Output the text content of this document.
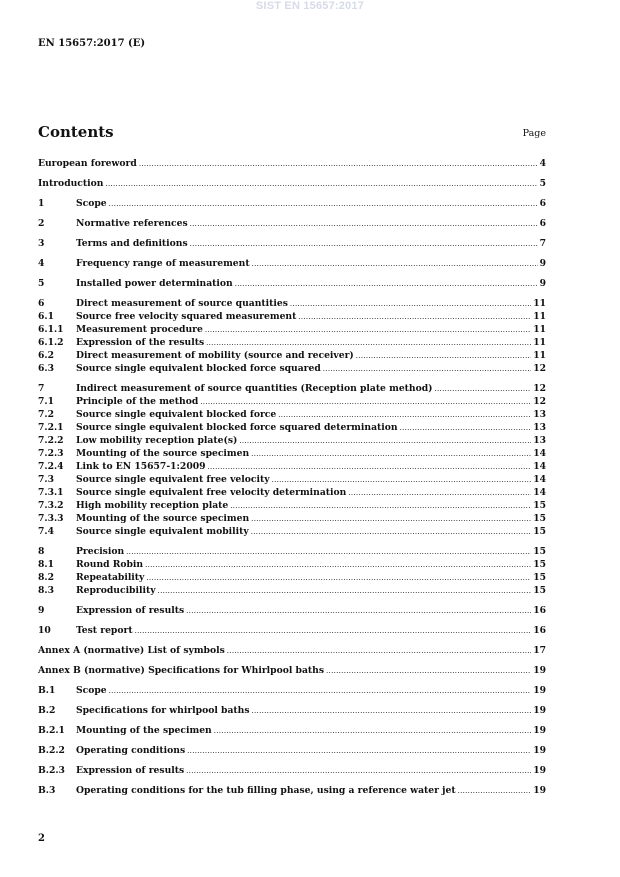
SIST EN 15657:2017
EN 15657:2017 (E)
Contents	Page
European foreword .....	4
Introduction .....	5
1	Scope .....	6
2	Normative references .....	6
3	Terms and definitions .....	7
4	Frequency range of measurement .....	9
5	Installed power determination .....	9
6	Direct measurement of source quantities .....	11
6.1	Source free velocity squared measurement .....	11
6.1.1	Measurement procedure .....	11
6.1.2	Expression of the results .....	11
6.2	Direct measurement of mobility (source and receiver) .....	11
6.3	Source single equivalent blocked force squared .....	12
7	Indirect measurement of source quantities (Reception plate method) .....	12
7.1	Principle of the method .....	12
7.2	Source single equivalent blocked force .....	13
7.2.1	Source single equivalent blocked force squared determination .....	13
7.2.2	Low mobility reception plate(s) .....	13
7.2.3	Mounting of the source specimen .....	14
7.2.4	Link to EN 15657-1:2009 .....	14
7.3	Source single equivalent free velocity .....	14
7.3.1	Source single equivalent free velocity determination .....	14
7.3.2	High mobility reception plate .....	15
7.3.3	Mounting of the source specimen .....	15
7.4	Source single equivalent mobility .....	15
8	Precision .....	15
8.1	Round Robin .....	15
8.2	Repeatability .....	15
8.3	Reproducibility .....	15
9	Expression of results .....	16
10	Test report .....	16
Annex A (normative) List of symbols .....	17
Annex B (normative) Specifications for Whirlpool baths .....	19
B.1	Scope .....	19
B.2	Specifications for whirlpool baths .....	19
B.2.1	Mounting of the specimen .....	19
B.2.2	Operating conditions .....	19
B.2.3	Expression of results .....	19
B.3	Operating conditions for the tub filling phase, using a reference water jet .....	19
2
